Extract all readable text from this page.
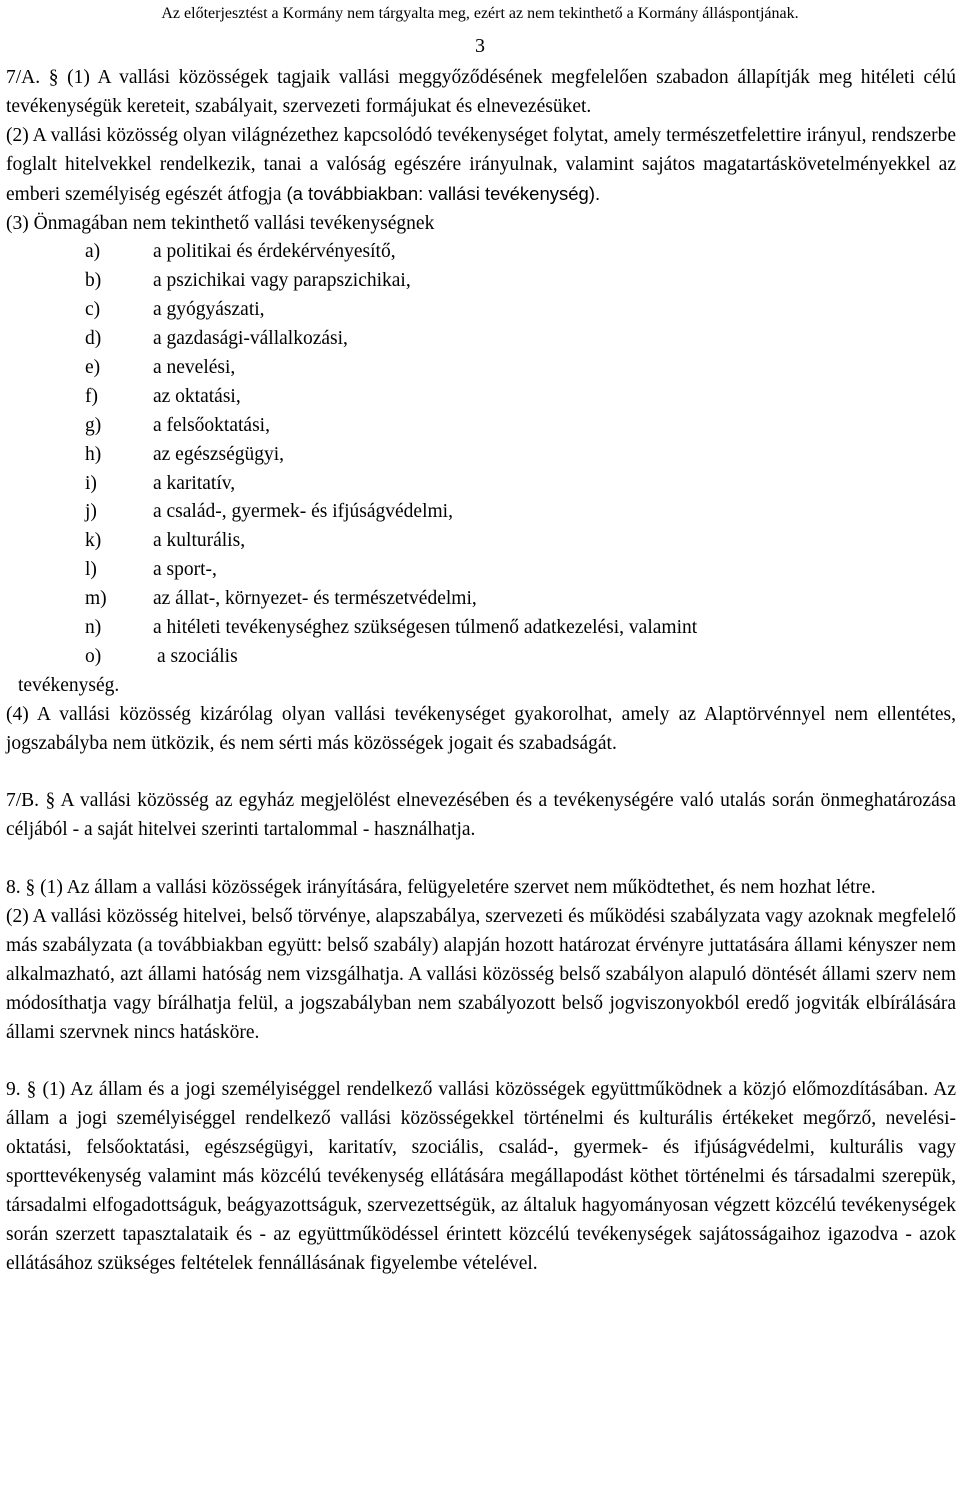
Az előterjesztést a Kormány nem tárgyalta meg, ezért az nem tekinthető a Kormány álláspontjának.
3

7/A. § (1) A vallási közösségek tagjaik vallási meggyőződésének megfelelően szabadon állapítják meg hitéleti célú tevékenységük kereteit, szabályait, szervezeti formájukat és elnevezésüket.

(2) A vallási közösség olyan világnézethez kapcsolódó tevékenységet folytat, amely természetfelettire irányul, rendszerbe foglalt hitelvekkel rendelkezik, tanai a valóság egészére irányulnak, valamint sajátos magatartáskövetelményekkel az emberi személyiség egészét átfogja (a továbbiakban: vallási tevékenység).

(3) Önmagában nem tekinthető vallási tevékenységnek

a)	a politikai és érdekérvényesítő,
b)	a pszichikai vagy parapszichikai,
c)	a gyógyászati,
d)	a gazdasági-vállalkozási,
e)	a nevelési,
f)	az oktatási,
g)	a felsőoktatási,
h)	az egészségügyi,
i)	a karitatív,
j)	a család-, gyermek- és ifjúságvédelmi,
k)	a kulturális,
l)	a sport-,
m) az állat-, környezet- és természetvédelmi,
n)	a hitéleti tevékenységhez szükségesen túlmenő adatkezelési, valamint
o)	a szociális

tevékenység.

(4) A vallási közösség kizárólag olyan vallási tevékenységet gyakorolhat, amely az Alaptörvénnyel nem ellentétes, jogszabályba nem ütközik, és nem sérti más közösségek jogait és szabadságát.

7/B. § A vallási közösség az egyház megjelölést elnevezésében és a tevékenységére való utalás során önmeghatározása céljából - a saját hitelvei szerinti tartalommal - használhatja.

8. § (1) Az állam a vallási közösségek irányítására, felügyeletére szervet nem működtethet, és nem hozhat létre.

(2) A vallási közösség hitelvei, belső törvénye, alapszabálya, szervezeti és működési szabályzata vagy azoknak megfelelő más szabályzata (a továbbiakban együtt: belső szabály) alapján hozott határozat érvényre juttatására állami kényszer nem alkalmazható, azt állami hatóság nem vizsgálhatja. A vallási közösség belső szabályon alapuló döntését állami szerv nem módosíthatja vagy bírálhatja felül, a jogszabályban nem szabályozott belső jogviszonyokból eredő jogviták elbírálására állami szervnek nincs hatásköre.

9. § (1) Az állam és a jogi személyiséggel rendelkező vallási közösségek együttműködnek a közjó előmozdításában. Az állam a jogi személyiséggel rendelkező vallási közösségekkel történelmi és kulturális értékeket megőrző, nevelési-oktatási, felsőoktatási, egészségügyi, karitatív, szociális, család-, gyermek- és ifjúságvédelmi, kulturális vagy sporttevékenység valamint más közcélú tevékenység ellátására megállapodást köthet történelmi és társadalmi szerepük, társadalmi elfogadottságuk, beágyazottságuk, szervezettségük, az általuk hagyományosan végzett közcélú tevékenységek során szerzett tapasztalataik és - az együttműködéssel érintett közcélú tevékenységek sajátosságaihoz igazodva - azok ellátásához szükséges feltételek fennállásának figyelembe vételével.
